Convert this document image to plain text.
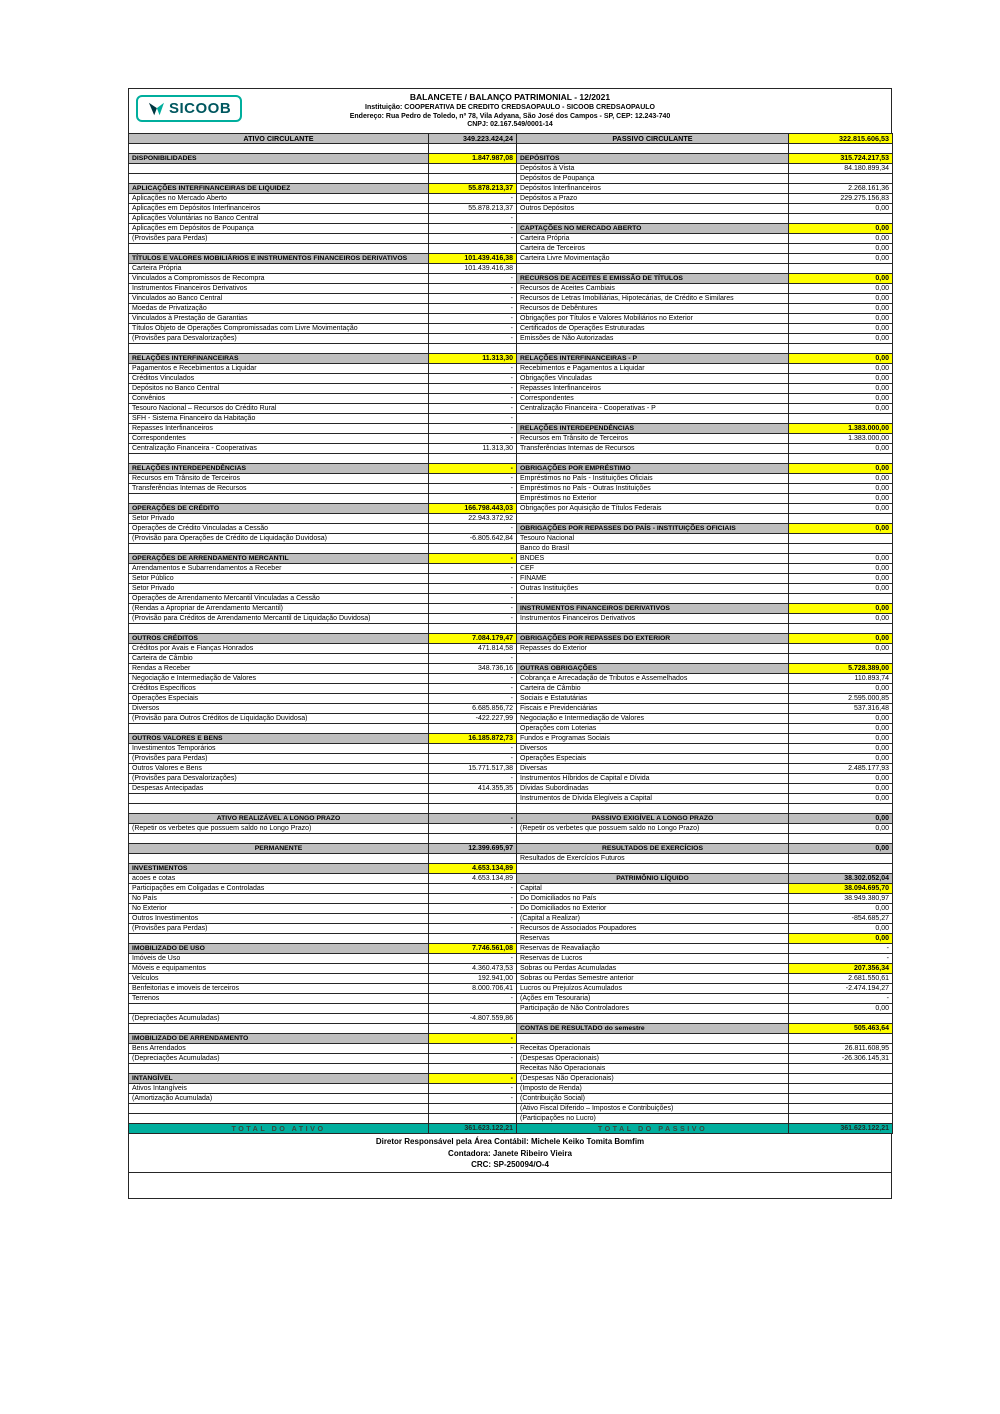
SICOOB
BALANCETE / BALANÇO PATRIMONIAL - 12/2021
Instituição: COOPERATIVA DE CREDITO CREDSAOPAULO - SICOOB CREDSAOPAULO
Endereço: Rua Pedro de Toledo, nº 78, Vila Adyana, São José dos Campos - SP, CEP: 12.243-740
CNPJ: 02.167.549/0001-14
ATIVO CIRCULANTE	349.223.424,24	PASSIVO CIRCULANTE	322.815.606,53

DISPONIBILIDADES	1.847.987,08	DEPÓSITOS	315.724.217,53
		Depósitos à Vista	84.180.899,34
		Depósitos de Poupança	
APLICAÇÕES INTERFINANCEIRAS DE LIQUIDEZ	55.878.213,37	Depósitos Interfinanceiros	2.268.161,36
Aplicações no Mercado Aberto	-	Depósitos a Prazo	229.275.156,83
Aplicações em Depósitos Interfinanceiros	55.878.213,37	Outros Depósitos	0,00
Aplicações Voluntárias no Banco Central	-		
Aplicações em Depósitos de Poupança	-	CAPTAÇÕES NO MERCADO ABERTO	0,00
(Provisões para Perdas)	-	Carteira Própria	0,00
		Carteira de Terceiros	0,00
TÍTULOS E VALORES MOBILIÁRIOS E INSTRUMENTOS FINANCEIROS DERIVATIVOS	101.439.416,38	Carteira Livre Movimentação	0,00
Carteira Própria	101.439.416,38		
Vinculados a Compromissos de Recompra	-	RECURSOS DE ACEITES E EMISSÃO DE TÍTULOS	0,00
Instrumentos Financeiros Derivativos	-	Recursos de Aceites Cambiais	0,00
Vinculados ao Banco Central	-	Recursos de Letras Imobiliárias, Hipotecárias, de Crédito e Similares	0,00
Moedas de Privatização	-	Recursos de Debêntures	0,00
Vinculados à Prestação de Garantias	-	Obrigações por Títulos e Valores Mobiliários no Exterior	0,00
Títulos Objeto de Operações Compromissadas com Livre Movimentação	-	Certificados de Operações Estruturadas	0,00
(Provisões para Desvalorizações)	-	Emissões de Não Autorizadas	0,00

RELAÇÕES INTERFINANCEIRAS	11.313,30	RELAÇÕES INTERFINANCEIRAS - P	0,00
Pagamentos e Recebimentos a Liquidar	-	Recebimentos e Pagamentos a Liquidar	0,00
Créditos Vinculados	-	Obrigações Vinculadas	0,00
Depósitos no Banco Central	-	Repasses Interfinanceiros	0,00
Convênios	-	Correspondentes	0,00
Tesouro Nacional – Recursos do Crédito Rural	-	Centralização Financeira - Cooperativas - P	0,00
SFH - Sistema Financeiro da Habitação	-		
Repasses Interfinanceiros	-	RELAÇÕES INTERDEPENDÊNCIAS	1.383.000,00
Correspondentes	-	Recursos em Trânsito de Terceiros	1.383.000,00
Centralização Financeira - Cooperativas	11.313,30	Transferências Internas de Recursos	0,00

RELAÇÕES INTERDEPENDÊNCIAS	-	OBRIGAÇÕES POR EMPRÉSTIMO	0,00
Recursos em Trânsito de Terceiros	-	Empréstimos no País - Instituições Oficiais	0,00
Transferências Internas de Recursos	-	Empréstimos no País - Outras Instituições	0,00
		Empréstimos no Exterior	0,00
OPERAÇÕES DE CRÉDITO	166.798.443,03	Obrigações por Aquisição de Títulos Federais	0,00
Setor Privado	22.943.372,92		
Operações de Crédito Vinculadas a Cessão	-	OBRIGAÇÕES POR REPASSES DO PAÍS - INSTITUIÇÕES OFICIAIS	0,00
(Provisão para Operações de Crédito de Liquidação Duvidosa)	-6.805.642,84	Tesouro Nacional	
		Banco do Brasil	
OPERAÇÕES DE ARRENDAMENTO MERCANTIL	-	BNDES	0,00
Arrendamentos e Subarrendamentos a Receber	-	CEF	0,00
Setor Público	-	FINAME	0,00
Setor Privado	-	Outras Instituições	0,00
Operações de Arrendamento Mercantil Vinculadas a Cessão	-		
(Rendas a Apropriar de Arrendamento Mercantil)	-	INSTRUMENTOS FINANCEIROS DERIVATIVOS	0,00
(Provisão para Créditos de Arrendamento Mercantil de Liquidação Duvidosa)	-	Instrumentos Financeiros Derivativos	0,00

OUTROS CRÉDITOS	7.084.179,47	OBRIGAÇÕES POR REPASSES DO EXTERIOR	0,00
Créditos por Avais e Fianças Honrados	471.814,58	Repasses do Exterior	0,00
Carteira de Câmbio	-		
Rendas a Receber	348.736,16	OUTRAS OBRIGAÇÕES	5.728.389,00
Negociação e Intermediação de Valores	-	Cobrança e Arrecadação de Tributos e Assemelhados	110.893,74
Créditos Específicos	-	Carteira de Câmbio	0,00
Operações Especiais	-	Sociais e Estatutárias	2.595.000,85
Diversos	6.685.856,72	Fiscais e Previdenciárias	537.316,48
(Provisão para Outros Créditos de Liquidação Duvidosa)	-422.227,99	Negociação e Intermediação de Valores	0,00
		Operações com Loterias	0,00
OUTROS VALORES E BENS	16.185.872,73	Fundos e Programas Sociais	0,00
Investimentos Temporários	-	Diversos	0,00
(Provisões para Perdas)	-	Operações Especiais	0,00
Outros Valores e Bens	15.771.517,38	Diversas	2.485.177,93
(Provisões para Desvalorizações)	-	Instrumentos Híbridos de Capital e Dívida	0,00
Despesas Antecipadas	414.355,35	Dívidas Subordinadas	0,00
		Instrumentos de Dívida Elegíveis a Capital	0,00

ATIVO REALIZÁVEL A LONGO PRAZO	-	PASSIVO EXIGÍVEL A LONGO PRAZO	0,00
(Repetir os verbetes que possuem saldo no Longo Prazo)	-	(Repetir os verbetes que possuem saldo no Longo Prazo)	0,00

PERMANENTE	12.399.695,97	RESULTADOS DE EXERCÍCIOS	0,00
		Resultados de Exercícios Futuros	
INVESTIMENTOS	4.653.134,89		
acoes e cotas	4.653.134,89	PATRIMÔNIO LÍQUIDO	38.302.052,04
Participações em Coligadas e Controladas	-	Capital	38.094.695,70
No País	-	Do Domiciliados no País	38.949.380,97
No Exterior	-	Do Domiciliados no Exterior	0,00
Outros Investimentos	-	(Capital a Realizar)	-854.685,27
(Provisões para Perdas)	-	Recursos de Associados Poupadores	0,00
		Reservas	0,00
IMOBILIZADO DE USO	7.746.561,08	Reservas de Reavaliação	-
Imóveis de Uso	-	Reservas de Lucros	-
Móveis e equipamentos	4.360.473,53	Sobras ou Perdas Acumuladas	207.356,34
Veículos	192.941,00	Sobras ou Perdas Semestre anterior	2.681.550,61
Benfeitorias e imoveis de terceiros	8.000.706,41	Lucros ou Prejuízos Acumulados	-2.474.194,27
Terrenos	-	(Ações em Tesouraria)	-
		Participação de Não Controladores	0,00
(Depreciações Acumuladas)	-4.807.559,86		
		CONTAS DE RESULTADO do semestre	505.463,64
IMOBILIZADO DE ARRENDAMENTO	-		
Bens Arrendados	-	Receitas Operacionais	26.811.608,95
(Depreciações Acumuladas)	-	(Despesas Operacionais)	-26.306.145,31
		Receitas Não Operacionais	
INTANGÍVEL	-	(Despesas Não Operacionais)	
Ativos Intangíveis	-	(Imposto de Renda)	
(Amortização Acumulada)	-	(Contribuição Social)	
		(Ativo Fiscal Diferido – Impostos e Contribuições)	
		(Participações no Lucro)	
TOTAL DO ATIVO	361.623.122,21	TOTAL DO PASSIVO	361.623.122,21
Diretor Responsável pela Área Contábil: Michele Keiko Tomita Bomfim
Contadora: Janete Ribeiro Vieira
CRC: SP-250094/O-4
